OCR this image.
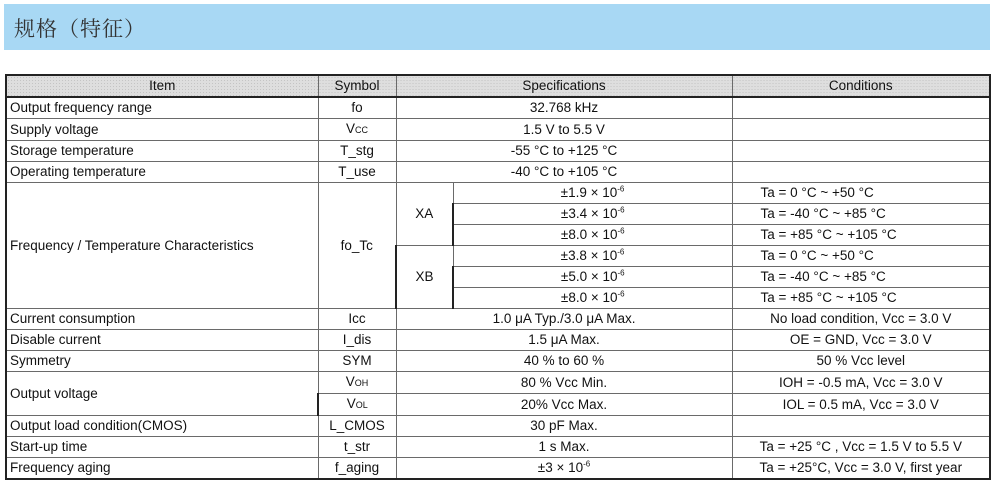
规格（特征）
Item	Symbol	Specifications		Conditions
Output frequency range	fo	32.768 kHz		
Supply voltage	VCC	1.5 V to 5.5 V		
Storage temperature	T_stg	-55 °C to +125 °C		
Operating temperature	T_use	-40 °C to +105 °C		
Frequency / Temperature Characteristics	fo_Tc	XA	$\pm 1.9 \times 10^{-6}$	Ta = 0 °C ~ +50 °C
			$\pm 3.4 \times 10^{-6}$	Ta = -40 °C ~ +85 °C
			$\pm 8.0 \times 10^{-6}$	Ta = +85 °C ~ +105 °C
		XB	$\pm 3.8 \times 10^{-6}$	Ta = 0 °C ~ +50 °C
			$\pm 5.0 \times 10^{-6}$	Ta = -40 °C ~ +85 °C
			$\pm 8.0 \times 10^{-6}$	Ta = +85 °C ~ +105 °C
Current consumption	Icc	1.0 μA Typ./3.0 μA Max.		No load condition, Vcc = 3.0 V
Disable current	I_dis	1.5 μA Max.		OE = GND, Vcc = 3.0 V
Symmetry	SYM	40 % to 60 %		50 % Vcc level
Output voltage	VOH	80 % Vcc Min.		IOH = -0.5 mA, Vcc = 3.0 V
	VOL	20% Vcc Max.		IOL = 0.5 mA, Vcc = 3.0 V
Output load condition(CMOS)	L_CMOS	30 pF Max.		
Start-up time	t_str	1 s Max.		Ta = +25 °C , Vcc = 1.5 V to 5.5 V
Frequency aging	f_aging	$\pm 3 \times 10^{-6}$		Ta = +25°C, Vcc = 3.0 V, first year
